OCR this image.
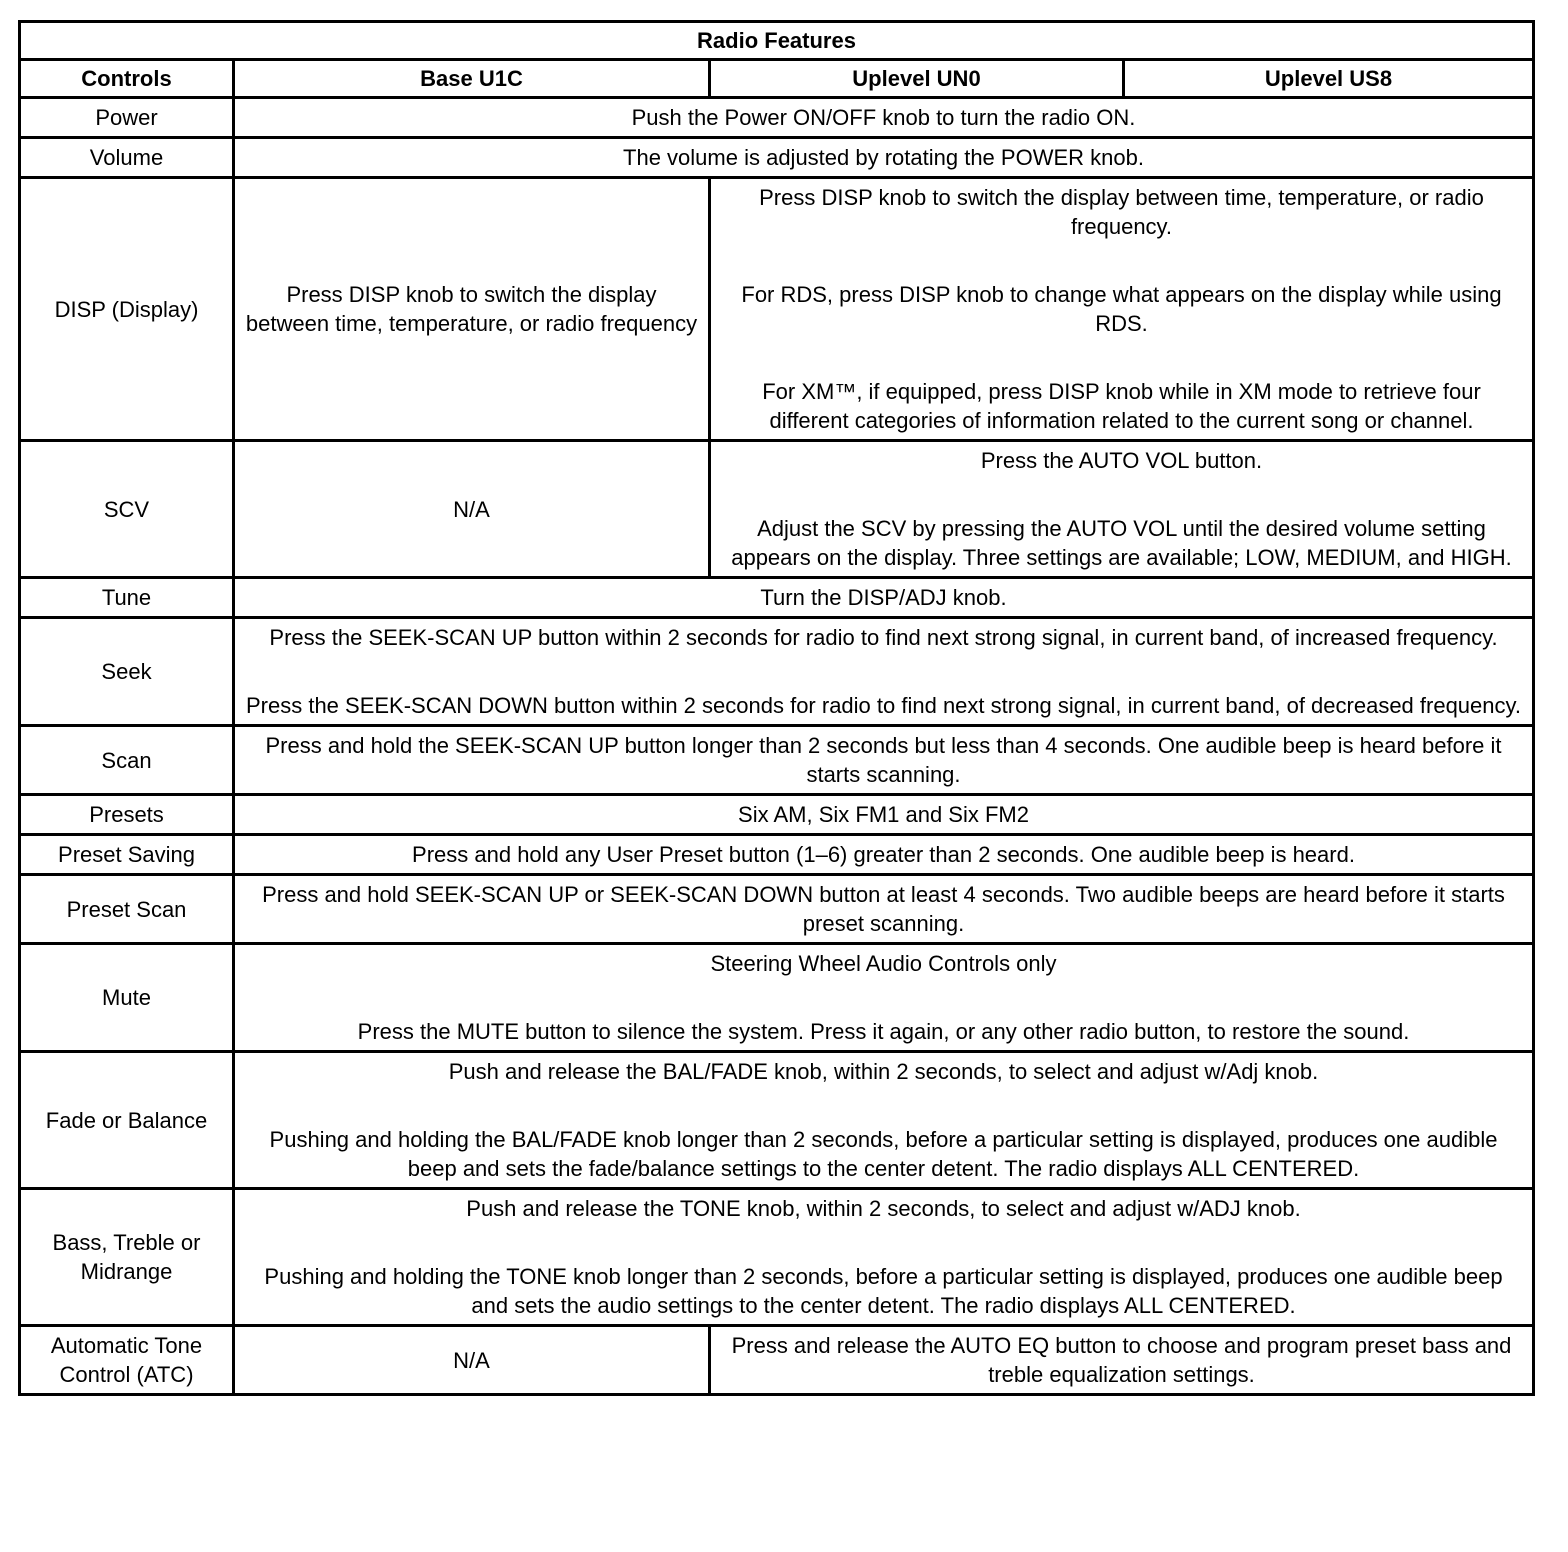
Radio Features			
Controls	Base U1C	Uplevel UN0	Uplevel US8
Power	Push the Power ON/OFF knob to turn the radio ON.		
Volume	The volume is adjusted by rotating the POWER knob.		
DISP (Display)	Press DISP knob to switch the display between time, temperature, or radio frequency	Press DISP knob to switch the display between time, temperature, or radio frequency.

For RDS, press DISP knob to change what appears on the display while using RDS.

For XM™, if equipped, press DISP knob while in XM mode to retrieve four different categories of information related to the current song or channel.	

SCV	N/A	Press the AUTO VOL button.

Adjust the SCV by pressing the AUTO VOL until the desired volume setting appears on the display. Three settings are available; LOW, MEDIUM, and HIGH.	

Tune	Turn the DISP/ADJ knob.		
Seek	Press the SEEK-SCAN UP button within 2 seconds for radio to find next strong signal, in current band, of increased frequency.

Press the SEEK-SCAN DOWN button within 2 seconds for radio to find next strong signal, in current band, of decreased frequency.		

Scan	Press and hold the SEEK-SCAN UP button longer than 2 seconds but less than 4 seconds. One audible beep is heard before it starts scanning.		
Presets	Six AM, Six FM1 and Six FM2		
Preset Saving	Press and hold any User Preset button (1–6) greater than 2 seconds. One audible beep is heard.		
Preset Scan	Press and hold SEEK-SCAN UP or SEEK-SCAN DOWN button at least 4 seconds. Two audible beeps are heard before it starts preset scanning.		
Mute	Steering Wheel Audio Controls only

Press the MUTE button to silence the system. Press it again, or any other radio button, to restore the sound.		

Fade or Balance	Push and release the BAL/FADE knob, within 2 seconds, to select and adjust w/Adj knob.

Pushing and holding the BAL/FADE knob longer than 2 seconds, before a particular setting is displayed, produces one audible beep and sets the fade/balance settings to the center detent. The radio displays ALL CENTERED.		

Bass, Treble or Midrange	Push and release the TONE knob, within 2 seconds, to select and adjust w/ADJ knob.

Pushing and holding the TONE knob longer than 2 seconds, before a particular setting is displayed, produces one audible beep and sets the audio settings to the center detent. The radio displays ALL CENTERED.		

Automatic Tone Control (ATC)	N/A	Press and release the AUTO EQ button to choose and program preset bass and treble equalization settings.	
